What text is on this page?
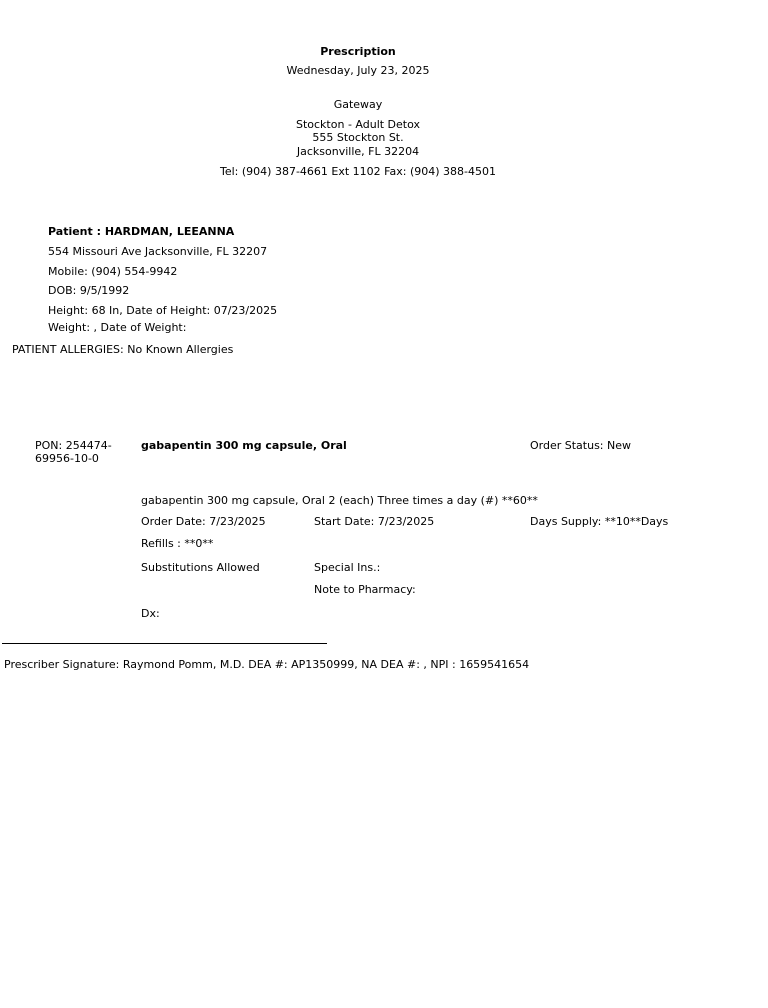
Prescription
Wednesday, July 23, 2025
Gateway
Stockton - Adult Detox
555 Stockton St.
Jacksonville, FL 32204
Tel: (904) 387-4661 Ext 1102 Fax: (904) 388-4501
Patient : HARDMAN, LEEANNA
554 Missouri Ave Jacksonville, FL 32207
Mobile: (904) 554-9942
DOB: 9/5/1992
Height: 68 In, Date of Height: 07/23/2025
Weight: , Date of Weight:
PATIENT ALLERGIES: No Known Allergies
PON: 254474-69956-10-0
gabapentin 300 mg capsule, Oral	Order Status: New
gabapentin 300 mg capsule, Oral 2 (each) Three times a day (#) **60**
Order Date: 7/23/2025	Start Date: 7/23/2025	Days Supply: **10**Days
Refills : **0**
Substitutions Allowed	Special Ins.:
Note to Pharmacy:
Dx:
Prescriber Signature: Raymond Pomm, M.D. DEA #: AP1350999, NA DEA #: , NPI : 1659541654
